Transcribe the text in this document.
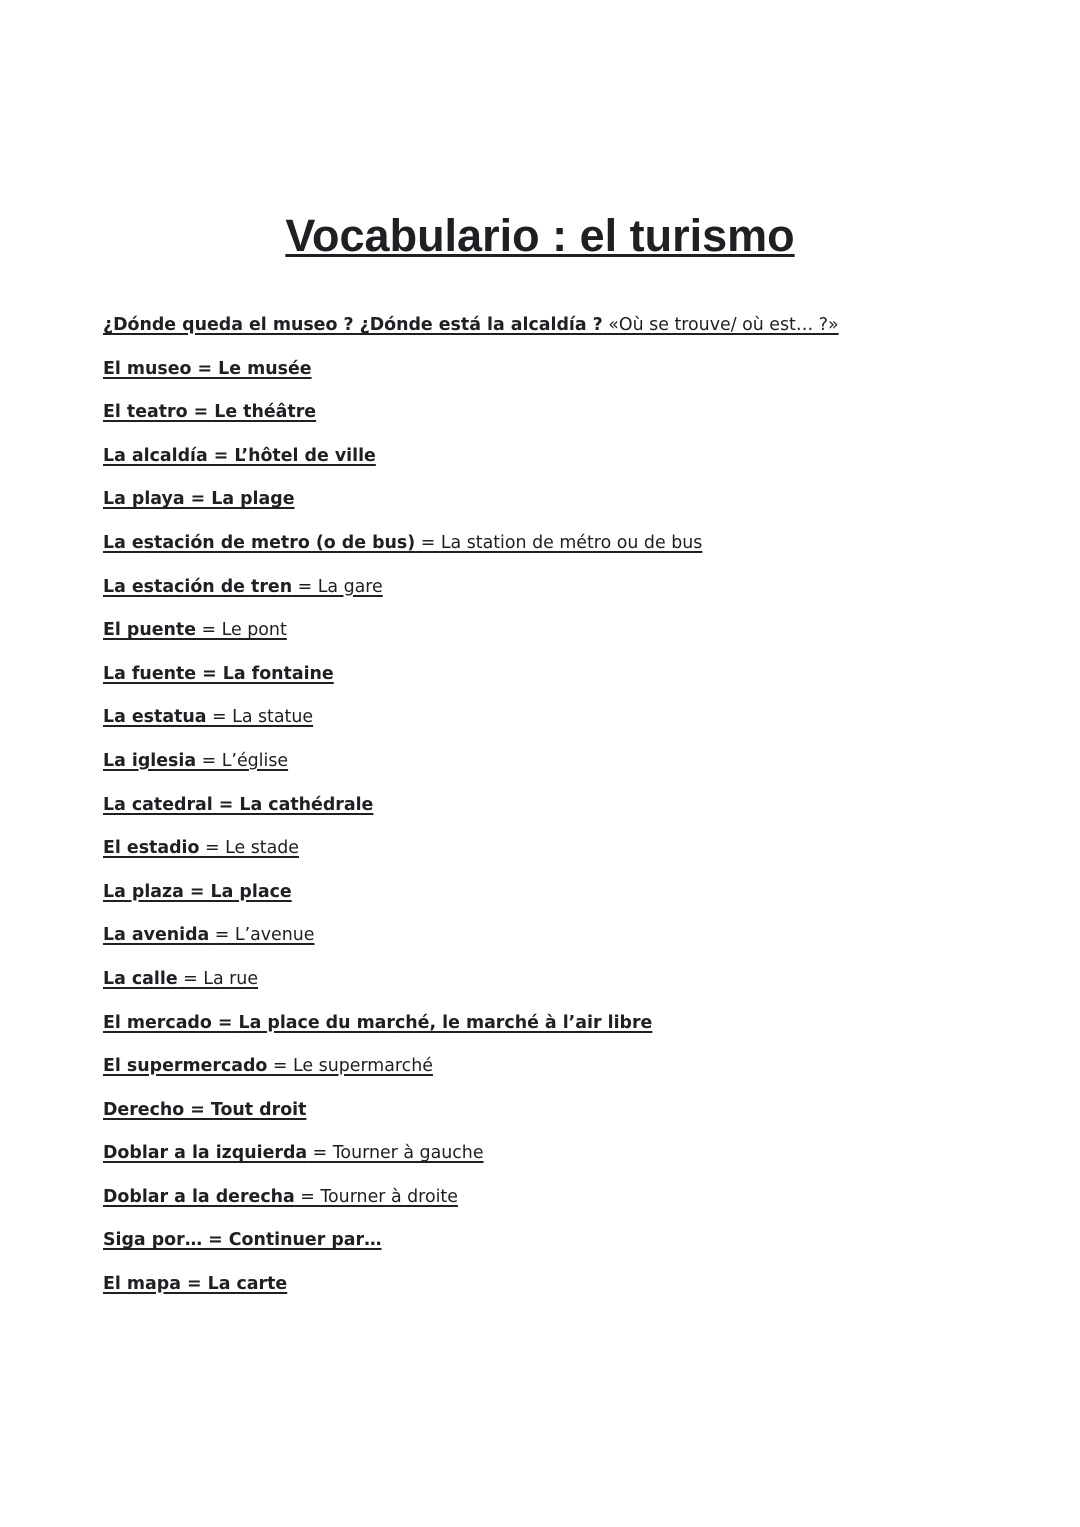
Vocabulario : el turismo
¿Dónde queda el museo ? ¿Dónde está la alcaldía ? «Où se trouve/ où est… ?»
El museo = Le musée
El teatro = Le théâtre
La alcaldía = L’hôtel de ville
La playa = La plage
La estación de metro (o de bus) = La station de métro ou de bus
La estación de tren = La gare
El puente = Le pont
La fuente = La fontaine
La estatua = La statue
La iglesia = L’église
La catedral = La cathédrale
El estadio = Le stade
La plaza = La place
La avenida = L’avenue
La calle = La rue
El mercado = La place du marché, le marché à l’air libre
El supermercado = Le supermarché
Derecho = Tout droit
Doblar a la izquierda = Tourner à gauche
Doblar a la derecha = Tourner à droite
Siga por… = Continuer par…
El mapa = La carte
